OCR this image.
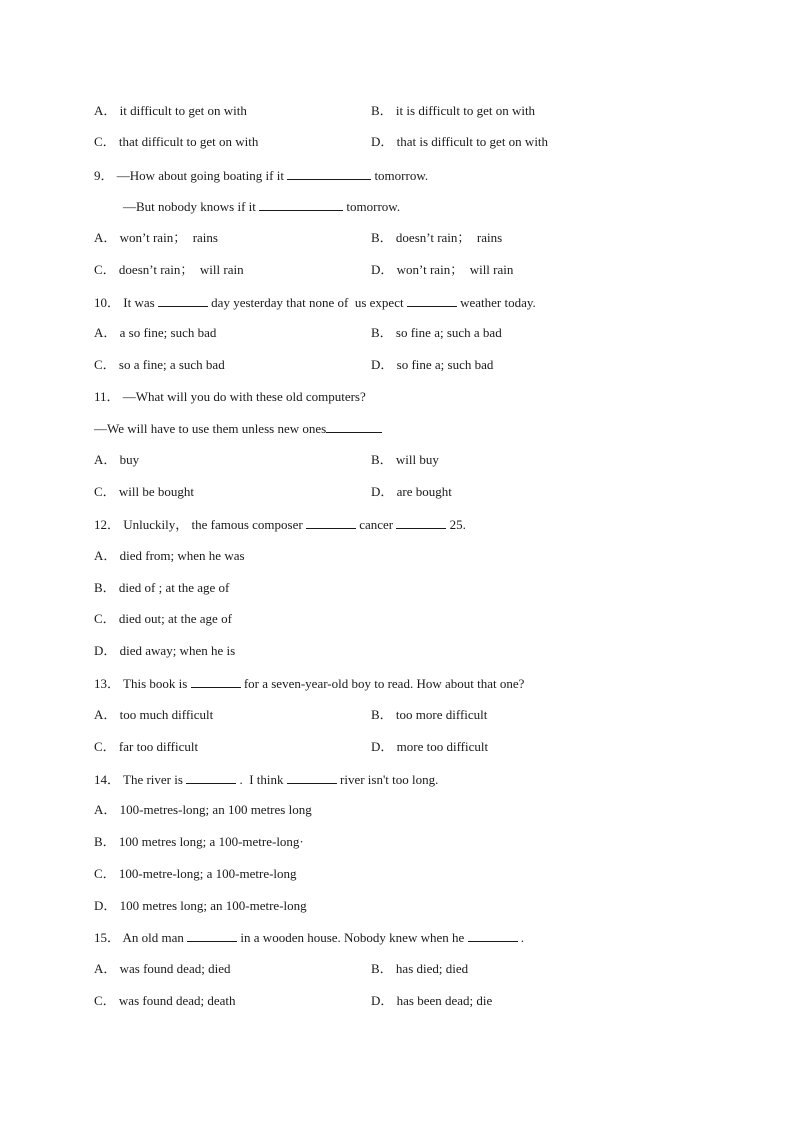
A． it difficult to get on with	B． it is difficult to get on with
C． that difficult to get on with	D． that is difficult to get on with
9． —How about going boating if it	tomorrow.
—But nobody knows if it	tomorrow.
A． won’t rain；  rains	B． doesn’t rain；  rains
C． doesn’t rain；  will rain	D． won’t rain；  will rain
10． It was	day yesterday that none of  us expect	weather today.
A． a so fine; such bad	B． so fine a; such a bad
C． so a fine; a such bad	D． so fine a; such bad
11． —What will you do with these old computers?
—We will have to use them unless new ones
A． buy	B． will buy
C． will be bought	D． are bought
12． Unluckily， the famous composer	cancer	25.
A． died from; when he was
B． died of ; at the age of
C． died out; at the age of
D． died away; when he is
13． This book is	for a seven-year-old boy to read. How about that one?
A． too much difficult	B． too more difficult
C． far too difficult	D． more too difficult
14． The river is	.  I think	river isn't too long.
A． 100-metres-long; an 100 metres long
B． 100 metres long; a 100-metre-long·
C． 100-metre-long; a 100-metre-long
D． 100 metres long; an 100-metre-long
15． An old man	in a wooden house. Nobody knew when he	.
A． was found dead; died	B． has died; died
C． was found dead; death	D． has been dead; die
